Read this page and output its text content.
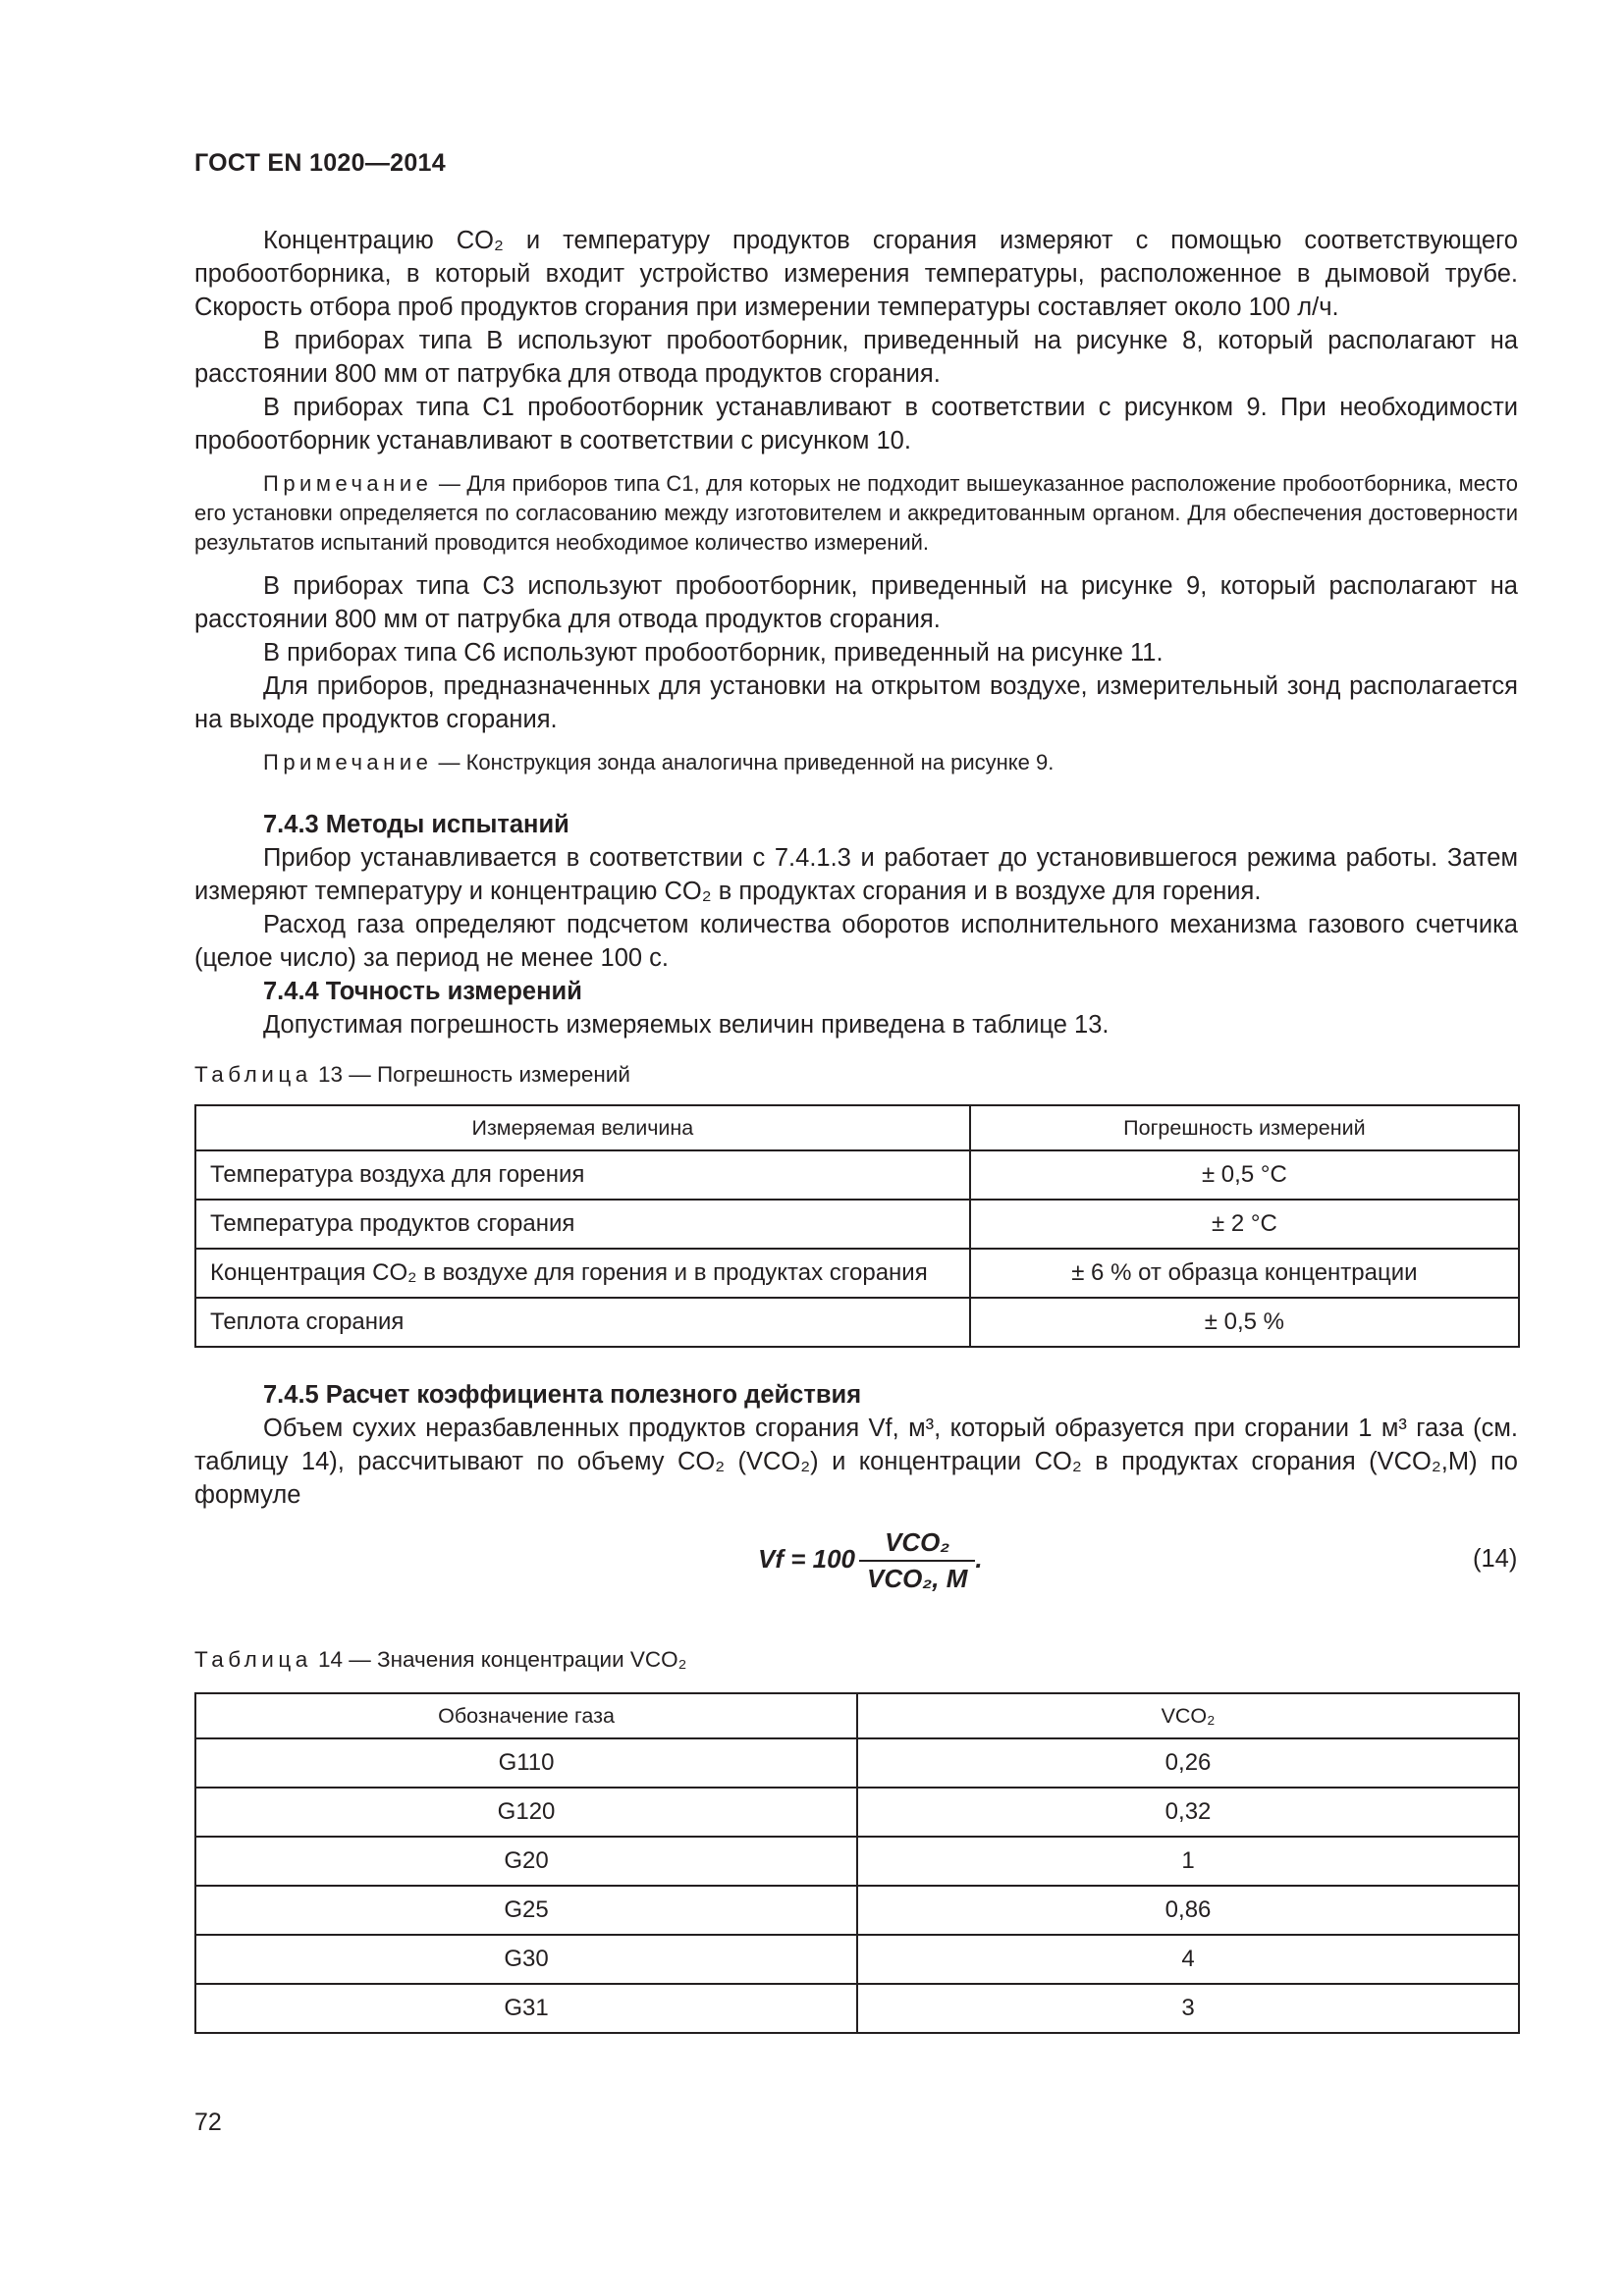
ГОСТ EN 1020—2014

Концентрацию CO₂ и температуру продуктов сгорания измеряют с помощью соответствующего пробоотборника, в который входит устройство измерения температуры, расположенное в дымовой трубе. Скорость отбора проб продуктов сгорания при измерении температуры составляет около 100 л/ч.

В приборах типа В используют пробоотборник, приведенный на рисунке 8, который располагают на расстоянии 800 мм от патрубка для отвода продуктов сгорания.

В приборах типа С1 пробоотборник устанавливают в соответствии с рисунком 9. При необходимости пробоотборник устанавливают в соответствии с рисунком 10.

Примечание — Для приборов типа С1, для которых не подходит вышеуказанное расположение пробоотборника, место его установки определяется по согласованию между изготовителем и аккредитованным органом. Для обеспечения достоверности результатов испытаний проводится необходимое количество измерений.

В приборах типа С3 используют пробоотборник, приведенный на рисунке 9, который располагают на расстоянии 800 мм от патрубка для отвода продуктов сгорания.

В приборах типа С6 используют пробоотборник, приведенный на рисунке 11.

Для приборов, предназначенных для установки на открытом воздухе, измерительный зонд располагается на выходе продуктов сгорания.

Примечание — Конструкция зонда аналогична приведенной на рисунке 9.

7.4.3 Методы испытаний

Прибор устанавливается в соответствии с 7.4.1.3 и работает до установившегося режима работы. Затем измеряют температуру и концентрацию CO₂ в продуктах сгорания и в воздухе для горения.

Расход газа определяют подсчетом количества оборотов исполнительного механизма газового счетчика (целое число) за период не менее 100 с.

7.4.4 Точность измерений

Допустимая погрешность измеряемых величин приведена в таблице 13.

Таблица 13 — Погрешность измерений
Измеряемая величина	Погрешность измерений
Температура воздуха для горения	± 0,5 °С
Температура продуктов сгорания	± 2 °С
Концентрация CO₂ в воздухе для горения и в продуктах сгорания	± 6 % от образца концентрации
Теплота сгорания	± 0,5 %

7.4.5 Расчет коэффициента полезного действия

Объем сухих неразбавленных продуктов сгорания Vf, м³, который образуется при сгорании 1 м³ газа (см. таблицу 14), рассчитывают по объему CO₂ (VCO₂) и концентрации CO₂ в продуктах сгорания (VCO₂,M) по формуле

$Vf = 100 \frac{\text{VCO₂}}{\text{VCO₂, M}}$ .	(14)
Таблица 14 — Значения концентрации VCO₂
Обозначение газа	VCO₂
G110	0,26
G120	0,32
G20	1
G25	0,86
G30	4
G31	3
72
